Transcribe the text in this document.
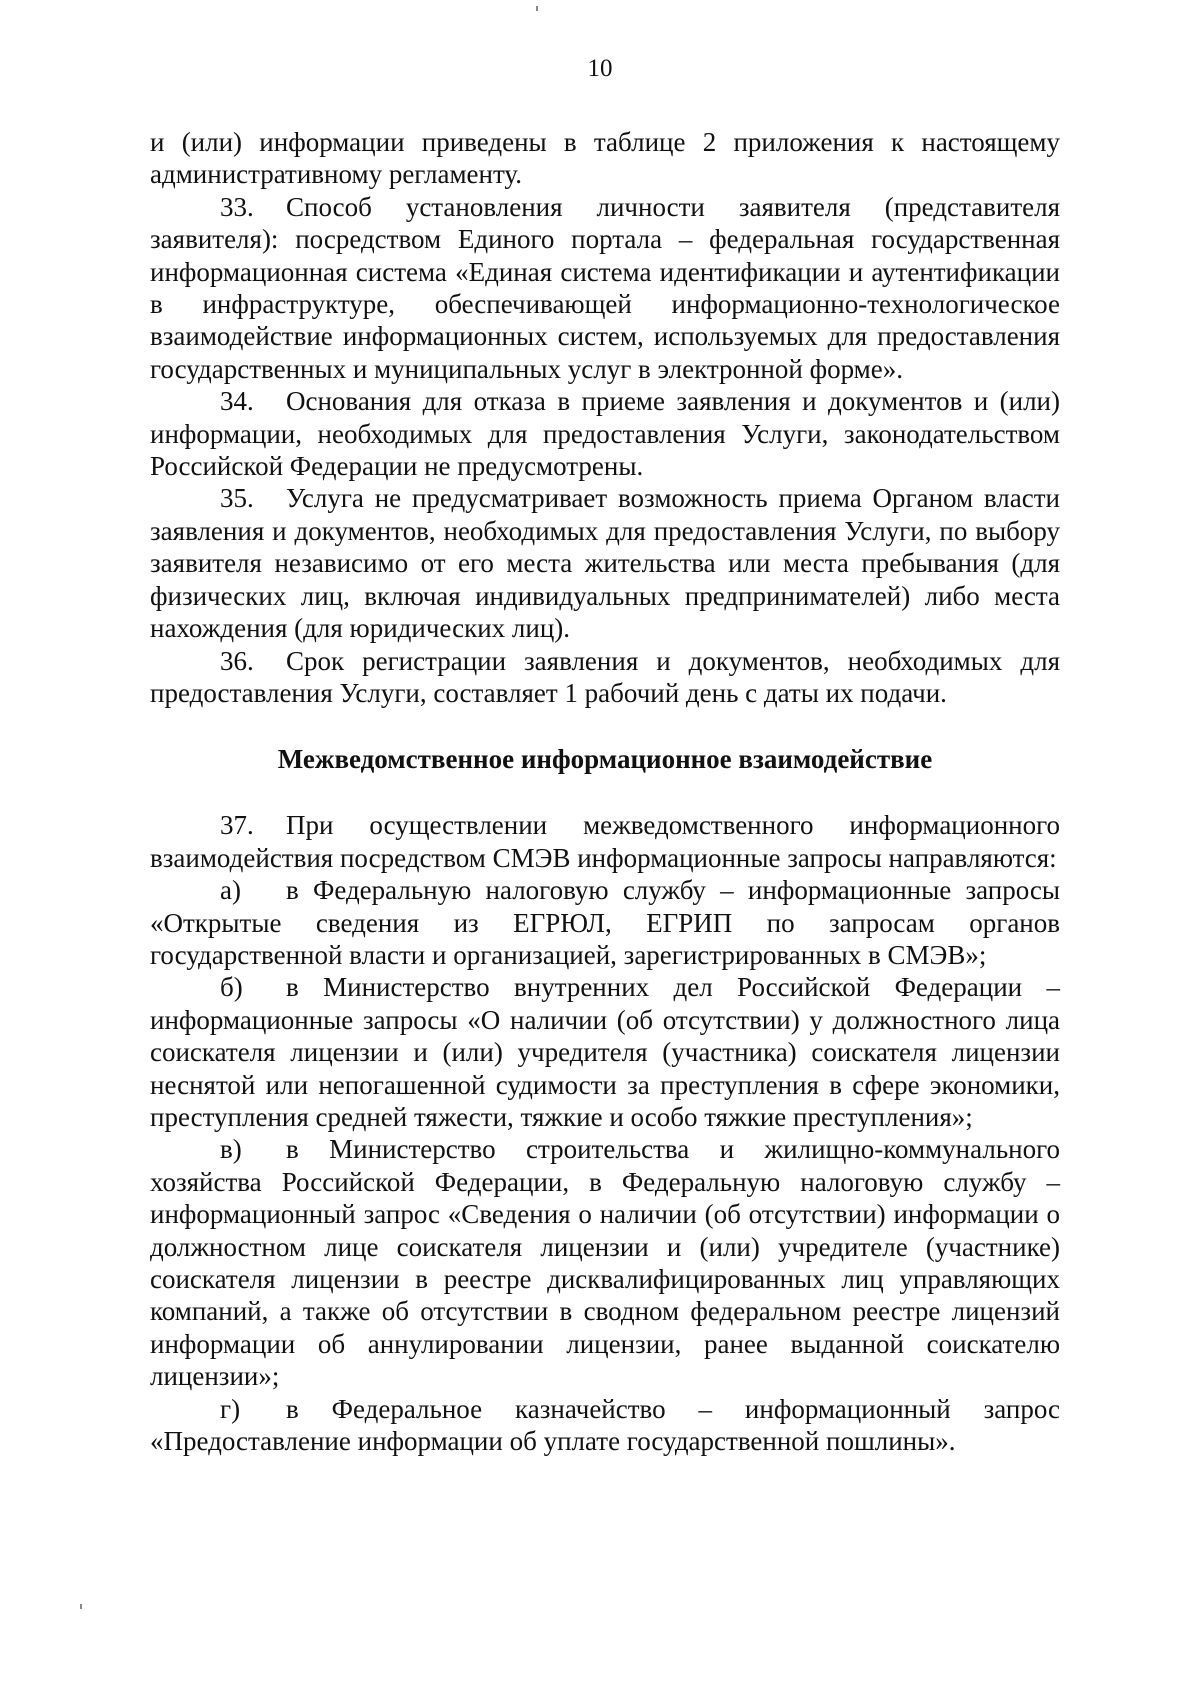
10

и (или) информации приведены в таблице 2 приложения к настоящему административному регламенту.

33. Способ установления личности заявителя (представителя заявителя): посредством Единого портала – федеральная государственная информационная система «Единая система идентификации и аутентификации в инфраструктуре, обеспечивающей информационно-технологическое взаимодействие информационных систем, используемых для предоставления государственных и муниципальных услуг в электронной форме».

34. Основания для отказа в приеме заявления и документов и (или) информации, необходимых для предоставления Услуги, законодательством Российской Федерации не предусмотрены.

35. Услуга не предусматривает возможность приема Органом власти заявления и документов, необходимых для предоставления Услуги, по выбору заявителя независимо от его места жительства или места пребывания (для физических лиц, включая индивидуальных предпринимателей) либо места нахождения (для юридических лиц).

36. Срок регистрации заявления и документов, необходимых для предоставления Услуги, составляет 1 рабочий день с даты их подачи.

Межведомственное информационное взаимодействие

37. При осуществлении межведомственного информационного взаимодействия посредством СМЭВ информационные запросы направляются:

а) в Федеральную налоговую службу – информационные запросы «Открытые сведения из ЕГРЮЛ, ЕГРИП по запросам органов государственной власти и организацией, зарегистрированных в СМЭВ»;

б) в Министерство внутренних дел Российской Федерации – информационные запросы «О наличии (об отсутствии) у должностного лица соискателя лицензии и (или) учредителя (участника) соискателя лицензии неснятой или непогашенной судимости за преступления в сфере экономики, преступления средней тяжести, тяжкие и особо тяжкие преступления»;

в) в Министерство строительства и жилищно-коммунального хозяйства Российской Федерации, в Федеральную налоговую службу – информационный запрос «Сведения о наличии (об отсутствии) информации о должностном лице соискателя лицензии и (или) учредителе (участнике) соискателя лицензии в реестре дисквалифицированных лиц управляющих компаний, а также об отсутствии в сводном федеральном реестре лицензий информации об аннулировании лицензии, ранее выданной соискателю лицензии»;

г) в Федеральное казначейство – информационный запрос «Предоставление информации об уплате государственной пошлины».
